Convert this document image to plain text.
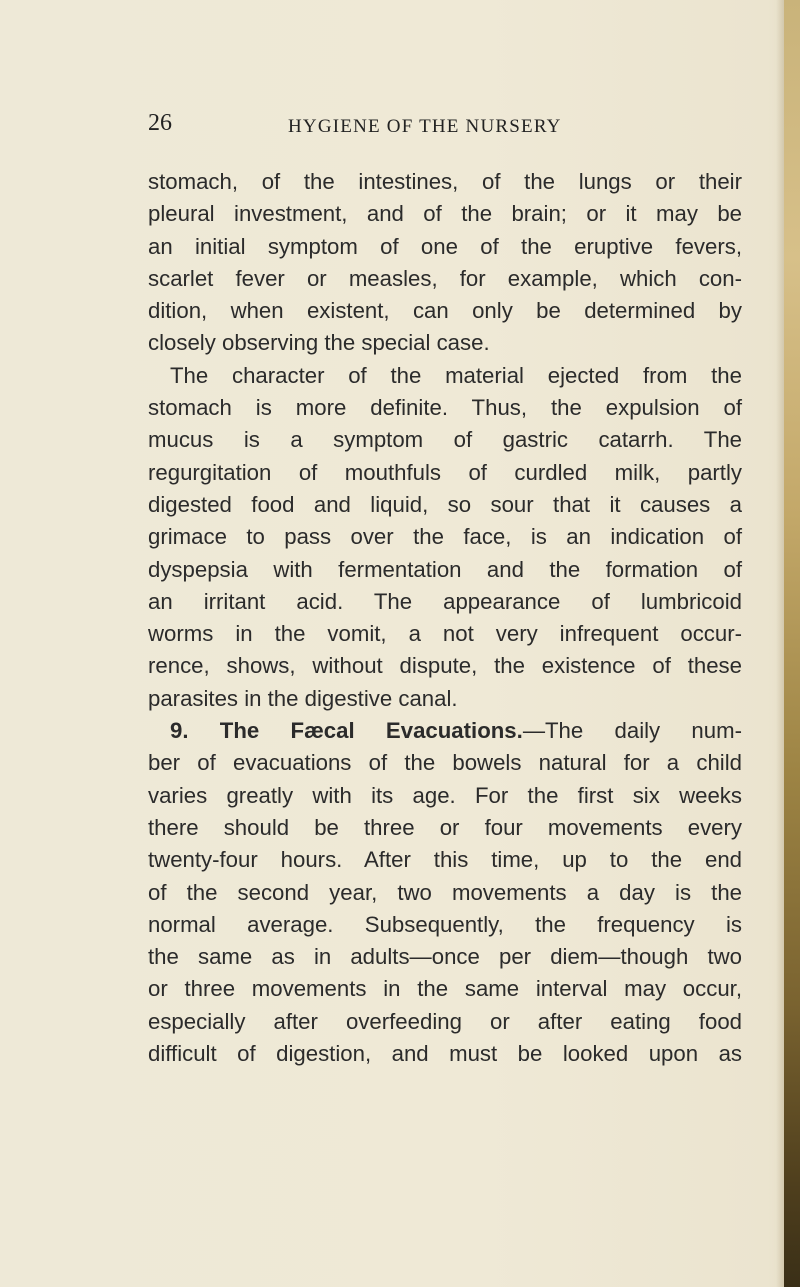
26	HYGIENE OF THE NURSERY
stomach, of the intestines, of the lungs or their
pleural investment, and of the brain; or it may be
an initial symptom of one of the eruptive fevers,
scarlet fever or measles, for example, which con-
dition, when existent, can only be determined by
closely observing the special case.
The character of the material ejected from the
stomach is more definite. Thus, the expulsion of
mucus is a symptom of gastric catarrh. The
regurgitation of mouthfuls of curdled milk, partly
digested food and liquid, so sour that it causes a
grimace to pass over the face, is an indication of
dyspepsia with fermentation and the formation of
an irritant acid. The appearance of lumbricoid
worms in the vomit, a not very infrequent occur-
rence, shows, without dispute, the existence of these
parasites in the digestive canal.
9. The Fæcal Evacuations.—The daily num-
ber of evacuations of the bowels natural for a child
varies greatly with its age. For the first six weeks
there should be three or four movements every
twenty-four hours. After this time, up to the end
of the second year, two movements a day is the
normal average. Subsequently, the frequency is
the same as in adults—once per diem—though two
or three movements in the same interval may occur,
especially after overfeeding or after eating food
difficult of digestion, and must be looked upon as
